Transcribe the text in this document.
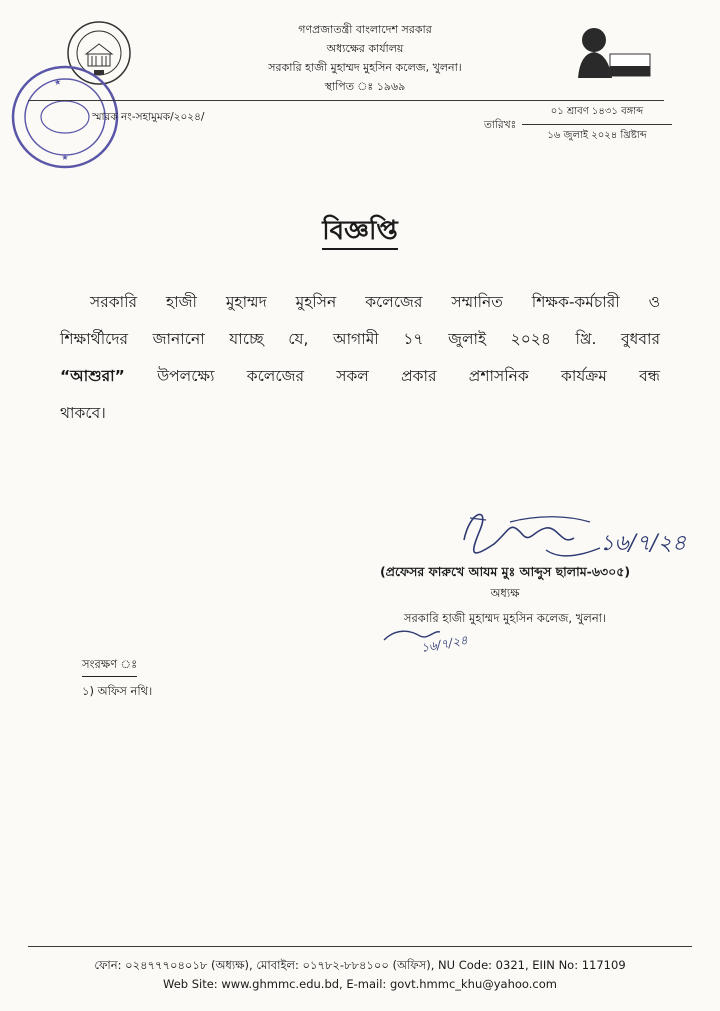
★
★
গণপ্রজাতন্ত্রী বাংলাদেশ সরকার
অধ্যক্ষের কার্যালয়
সরকারি হাজী মুহাম্মদ মুহসিন কলেজ, খুলনা।
স্থাপিত ঃ ১৯৬৯
স্মারক নং-সহামুমক/২০২৪/
তারিখঃ
০১ শ্রাবণ ১৪৩১ বঙ্গাব্দ
১৬ জুলাই ২০২৪ খ্রিষ্টাব্দ
বিজ্ঞপ্তি
সরকারি হাজী মুহাম্মদ মুহসিন কলেজের সম্মানিত শিক্ষক-কর্মচারী ও
শিক্ষার্থীদের জানানো যাচ্ছে যে, আগামী ১৭ জুলাই ২০২৪ খ্রি. বুধবার
“আশুরা” উপলক্ষ্যে কলেজের সকল প্রকার প্রশাসনিক কার্যক্রম বন্ধ
থাকবে।
১৬/৭/২৪
(প্রফেসর ফারুখে আযম মুঃ আব্দুস ছালাম-৬৩০৫)
অধ্যক্ষ
সরকারি হাজী মুহাম্মদ মুহসিন কলেজ, খুলনা।
১৬/৭/২৪
সংরক্ষণ ঃ
১) অফিস নথি।
ফোন: ০২৪৭৭৭০৪০১৮ (অধ্যক্ষ), মোবাইল: ০১৭৮২-৮৮৪১০০ (অফিস), NU Code: 0321, EIIN No: 117109
Web Site: www.ghmmc.edu.bd, E-mail: govt.hmmc_khu@yahoo.com
